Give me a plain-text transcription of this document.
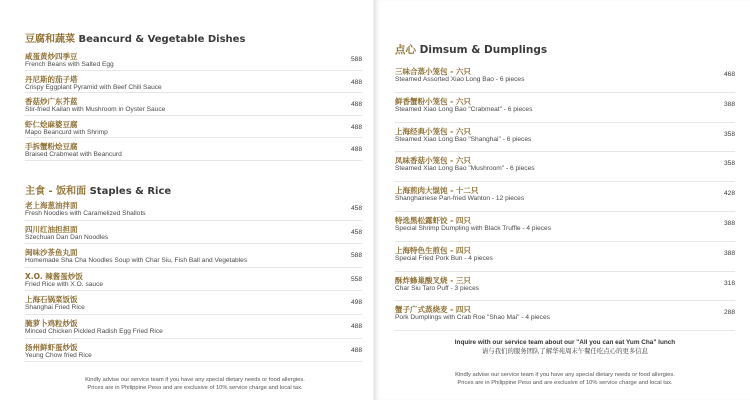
豆腐和蔬菜 Beancurd & Vegetable Dishes
咸蛋黄炒四季豆
French Beans with Salted Egg
588
丹尼斯的茄子塔
Crispy Eggplant Pyramid with Beef Chili Sauce
488
香菇炒广东芥蓝
Stir-fried Kailan with Mushroom in Oyster Sauce
488
虾仁烩麻婆豆腐
Mapo Beancurd with Shrimp
488
手拆蟹粉烩豆腐
Braised Crabmeat with Beancurd
488
主食 - 饭和面 Staples & Rice
老上海葱油拌面
Fresh Noodles with Caramelized Shallots
458
四川红油担担面
Szechuan Dan Dan Noodles
458
闽味沙茶鱼丸面
Homemade Sha Cha Noodles Soup with Char Siu, Fish Ball and Vegetables
588
X.O. 辣酱蛋炒饭
Fried Rice with X.O. sauce
558
上海石锅菜饭饭
Shanghai Fried Rice
498
腌萝卜鸡粒炒饭
Minced Chicken Pickled Radish Egg Fried Rice
488
扬州鲜虾蛋炒饭
Yeung Chow fried Rice
488
Kindly advise our service team if you have any special dietary needs or food allergies.
Prices are in Philippine Peso and are exclusive of 10% service charge and local tax.
点心 Dimsum & Dumplings
三味合蒸小笼包 - 六只
Steamed Assorted Xiao Long Bao - 6 pieces
468
鲜香蟹粉小笼包 - 六只
Steamed Xiao Long Bao "Crabmeat" - 6 pieces
388
上海经典小笼包 - 六只
Steamed Xiao Long Bao "Shanghai" - 6 pieces
358
凤味香菇小笼包 - 六只
Steamed Xiao Long Bao "Mushroom" - 6 pieces
358
上海煎肉大馄饨 - 十二只
Shanghainese Pan-fried Wanton - 12 pieces
428
特选黑松露虾饺 - 四只
Special Shrimp Dumpling with Black Truffle - 4 pieces
388
上海特色生煎包 - 四只
Special Fried Pork Bun - 4 pieces
388
酥炸蜂巢酸叉烧 - 三只
Char Siu Taro Puff - 3 pieces
318
蟹子广式蒸烧麦 - 四只
Pork Dumplings with Crab Roe "Shao Mai" - 4 pieces
288
Inquire with our service team about our "All you can eat Yum Cha" lunch
请与我们的服务团队了解华苑周末午餐任吃点心的更多信息
Kindly advise our service team if you have any special dietary needs or food allergies.
Prices are in Philippine Peso and are exclusive of 10% service charge and local tax.
